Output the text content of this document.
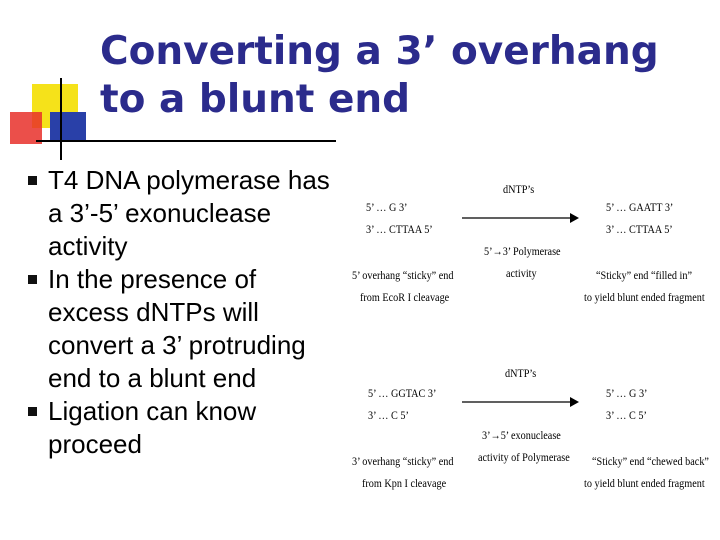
Converting a 3’ overhang
to a blunt end
T4 DNA polymerase has a 3’-5’ exonuclease activity
In the presence of excess dNTPs will convert a 3’ protruding end to a blunt end
Ligation can know proceed
5’ … G 3’
3’ … CTTAA 5’
5’ overhang “sticky” end
from EcoR I cleavage
dNTP’s
5’→3’ Polymerase
activity
5’ … GAATT 3’
3’ … CTTAA 5’
“Sticky” end “filled in”
to yield blunt ended fragment
5’ … GGTAC 3’
3’ … C 5’
3’ overhang “sticky” end
from Kpn I cleavage
dNTP’s
3’→5’ exonuclease
activity of Polymerase
5’ … G 3’
3’ … C 5’
“Sticky” end “chewed back”
to yield blunt ended fragment
